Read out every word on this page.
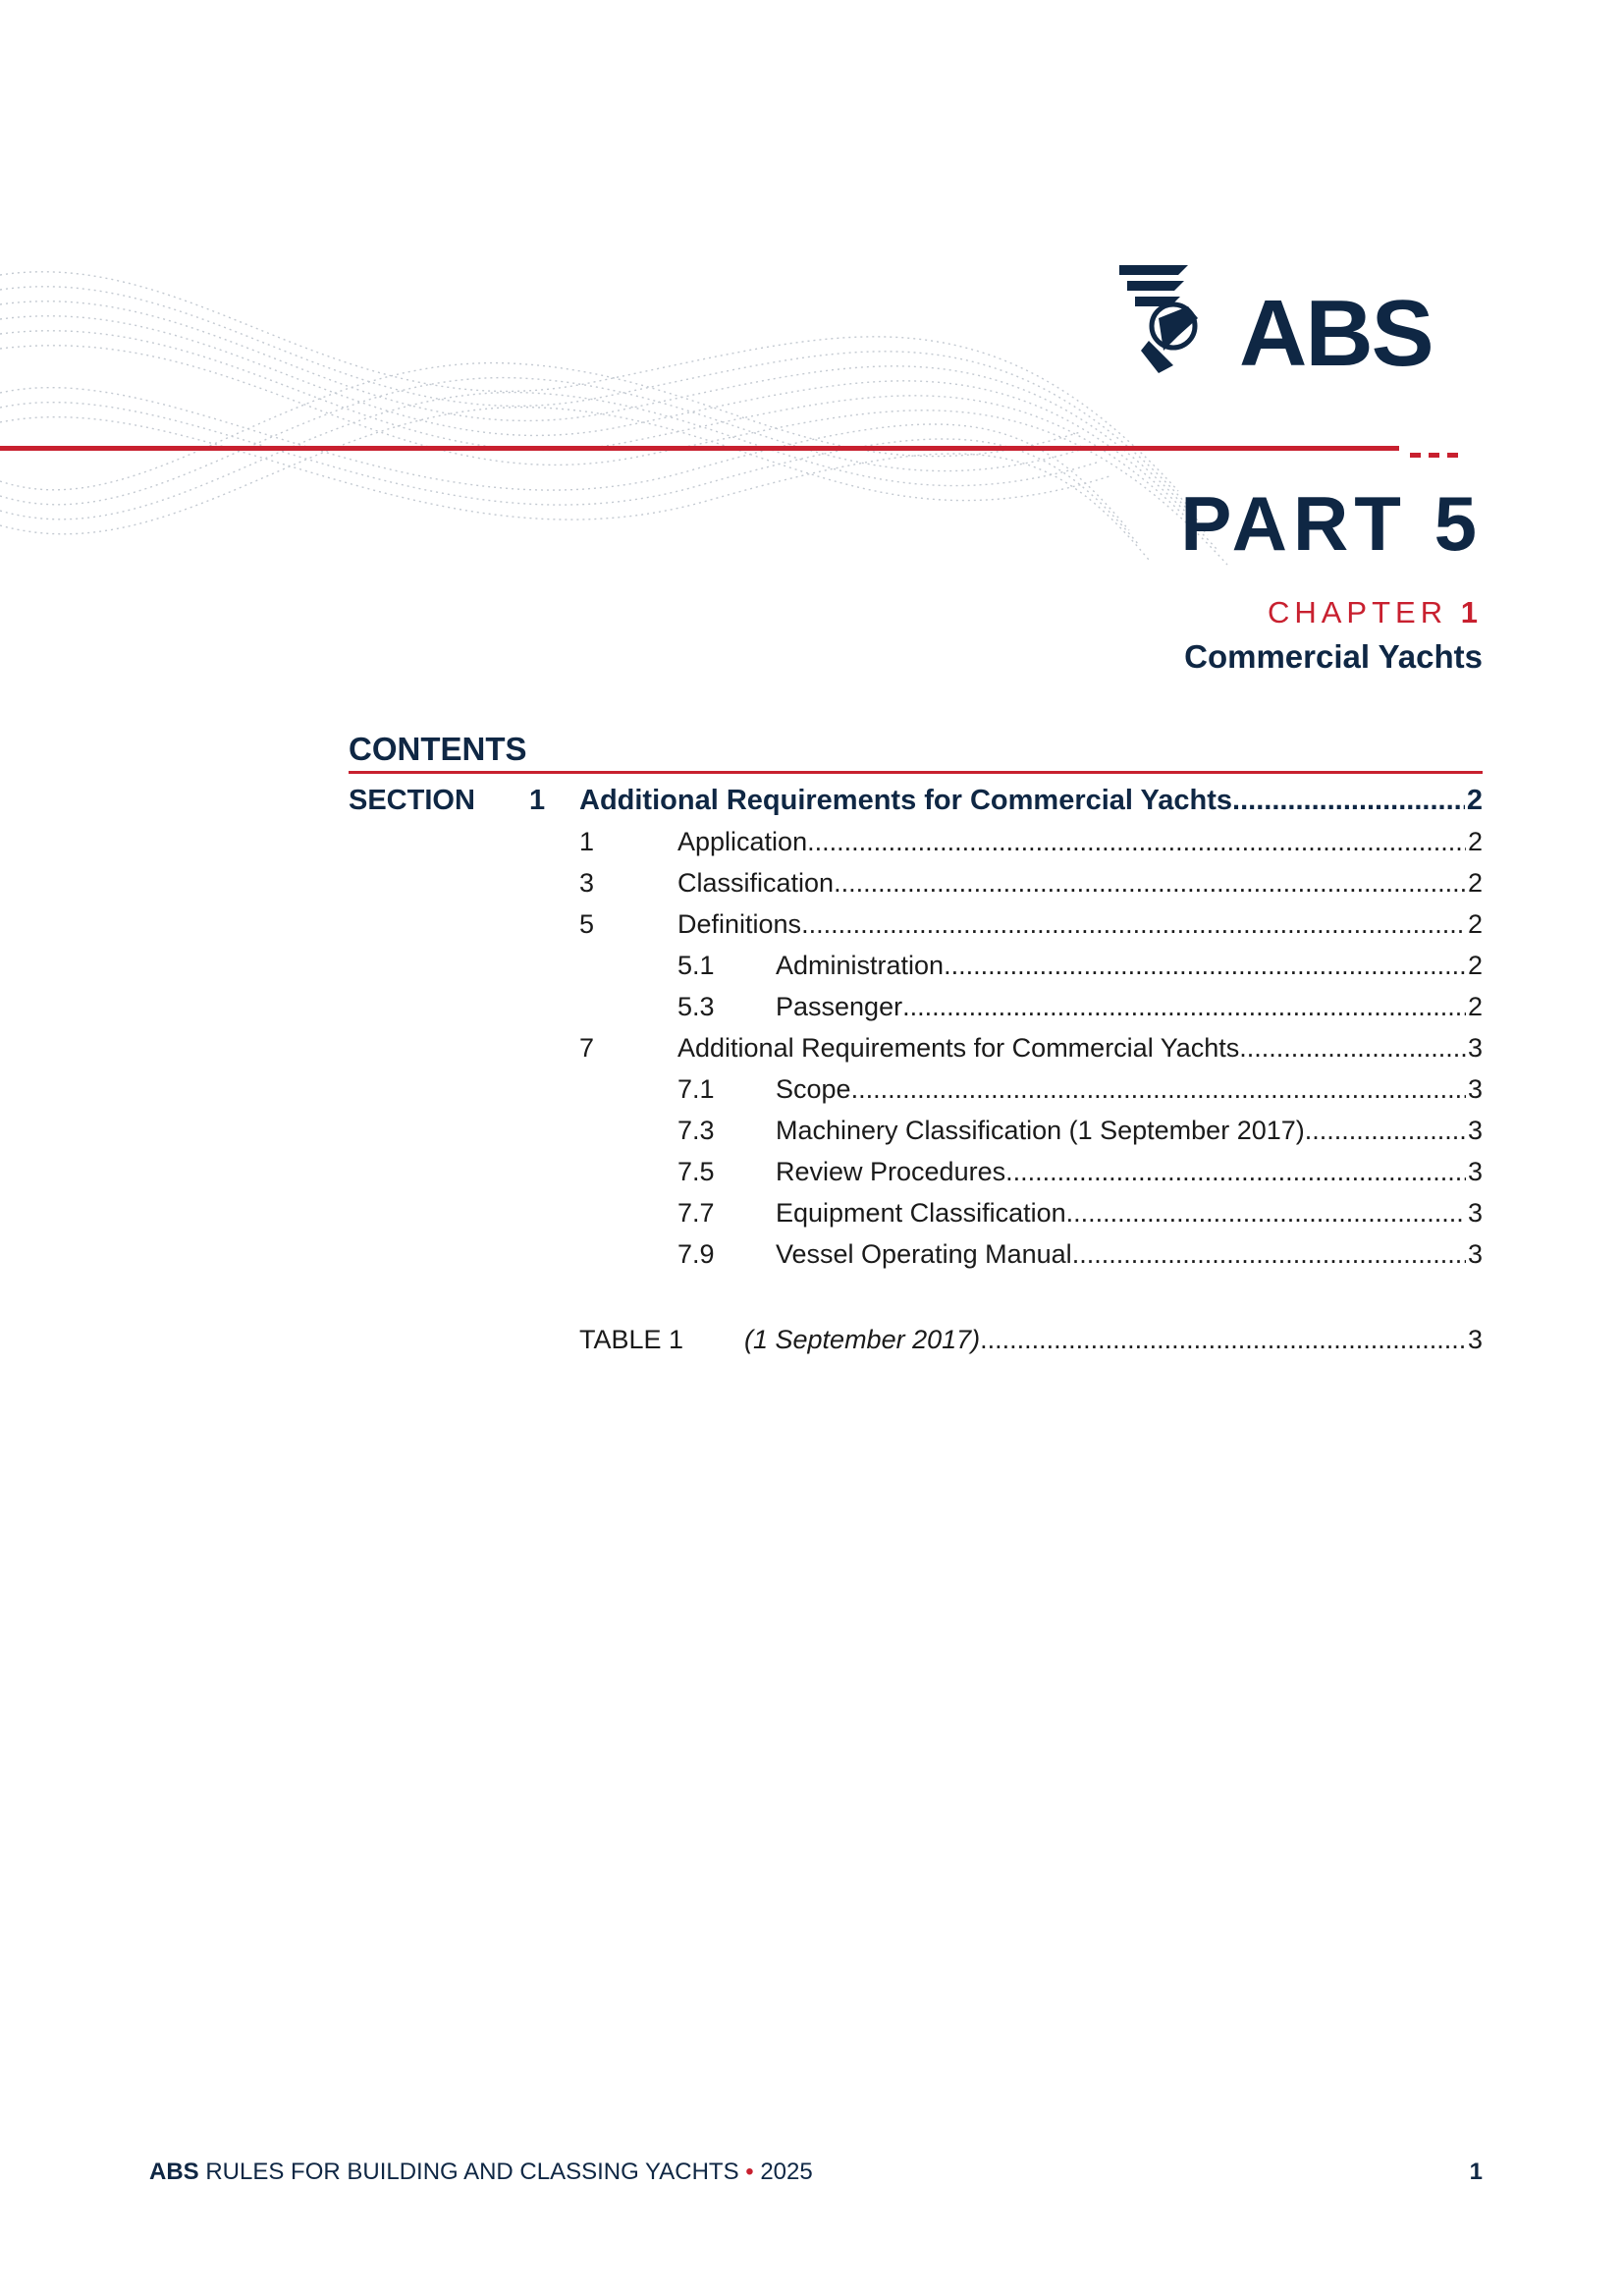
ABS
PART 5
CHAPTER 1
Commercial Yachts
CONTENTS
SECTION 1 Additional Requirements for Commercial Yachts .....	2
1	Application .....	2
3	Classification .....	2
5	Definitions .....	2
5.1 Administration .....	2
5.3 Passenger .....	2
7	Additional Requirements for Commercial Yachts .....	3
7.1 Scope .....	3
7.3 Machinery Classification (1 September 2017) .....	3
7.5 Review Procedures .....	3
7.7 Equipment Classification .....	3
7.9 Vessel Operating Manual .....	3
TABLE 1 (1 September 2017) .....	3
ABS RULES FOR BUILDING AND CLASSING YACHTS • 2025	1
